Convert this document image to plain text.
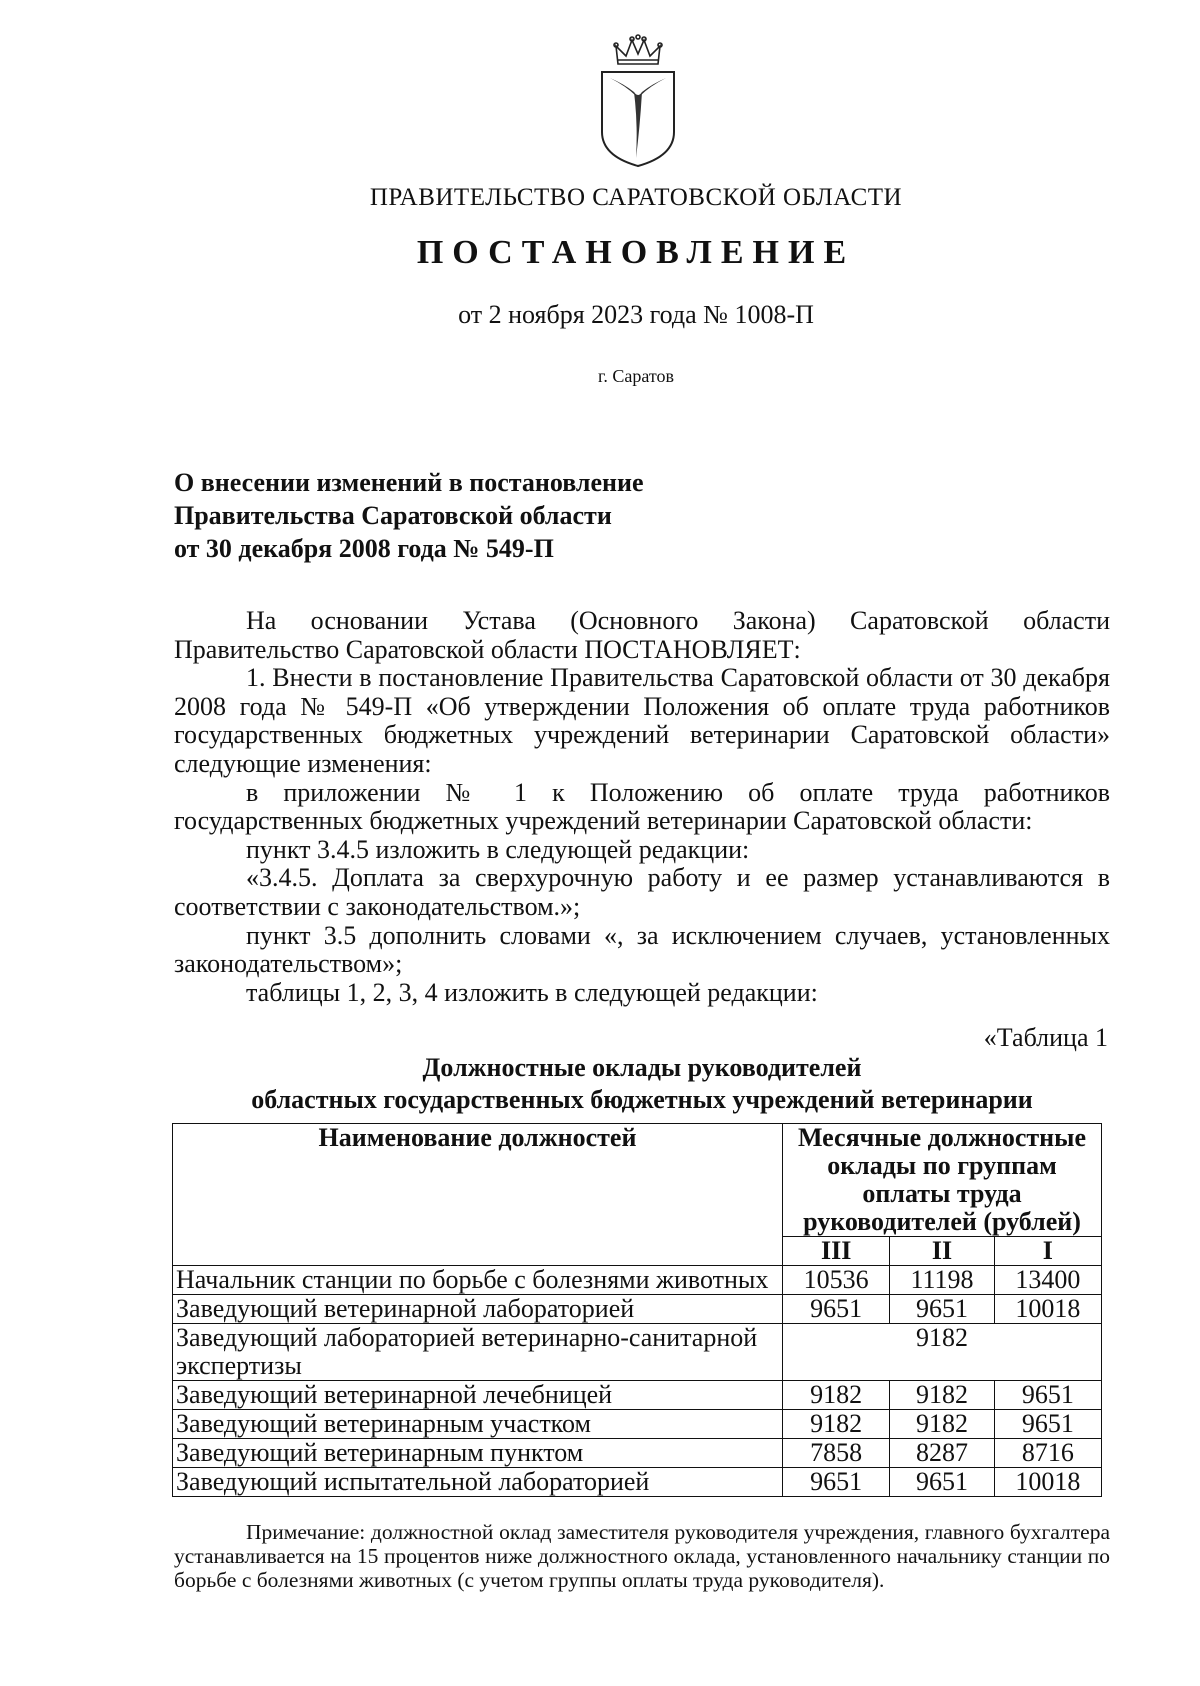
ПРАВИТЕЛЬСТВО САРАТОВСКОЙ ОБЛАСТИ
ПОСТАНОВЛЕНИЕ
от 2 ноября 2023 года № 1008-П
г. Саратов
О внесении изменений в постановление
Правительства Саратовской области
от 30 декабря 2008 года № 549-П

На основании Устава (Основного Закона) Саратовской области Правительство Саратовской области ПОСТАНОВЛЯЕТ:

1. Внести в постановление Правительства Саратовской области от 30 декабря 2008 года № 549-П «Об утверждении Положения об оплате труда работников государственных бюджетных учреждений ветеринарии Саратовской области» следующие изменения:

в приложении № 1 к Положению об оплате труда работников государственных бюджетных учреждений ветеринарии Саратовской области:

пункт 3.4.5 изложить в следующей редакции:

«3.4.5. Доплата за сверхурочную работу и ее размер устанавливаются в соответствии с законодательством.»;

пункт 3.5 дополнить словами «, за исключением случаев, установленных законодательством»;

таблицы 1, 2, 3, 4 изложить в следующей редакции:

«Таблица 1
Должностные оклады руководителей
областных государственных бюджетных учреждений ветеринарии
Наименование должностей	Месячные должностные оклады по группам оплаты труда руководителей (рублей)		
	III	II	I
Начальник станции по борьбе с болезнями животных	10536	11198	13400
Заведующий ветеринарной лабораторией	9651	9651	10018
Заведующий лабораторией ветеринарно-санитарной экспертизы	9182		
Заведующий ветеринарной лечебницей	9182	9182	9651
Заведующий ветеринарным участком	9182	9182	9651
Заведующий ветеринарным пунктом	7858	8287	8716
Заведующий испытательной лабораторией	9651	9651	10018
Примечание: должностной оклад заместителя руководителя учреждения, главного бухгалтера устанавливается на 15 процентов ниже должностного оклада, установленного начальнику станции по борьбе с болезнями животных (с учетом группы оплаты труда руководителя).
